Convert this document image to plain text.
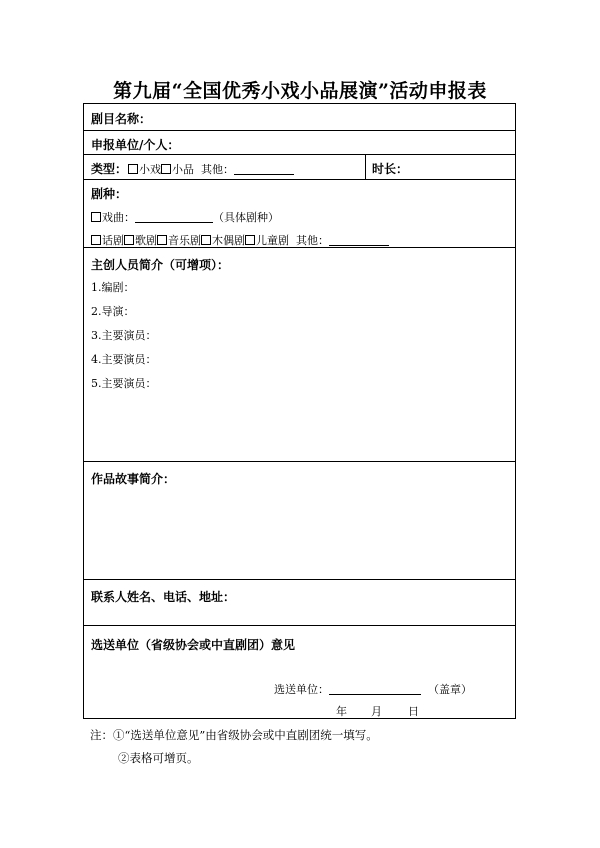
第九届“全国优秀小戏小品展演”活动申报表
剧目名称：
申报单位/个人：
类型：	小戏 小品 其他：	时长：
剧种：
戏曲：	（具体剧种）
话剧 歌剧 音乐剧 木偶剧 儿童剧 其他：
主创人员简介（可增项）：
1.编剧：
2.导演：
3.主要演员：
4.主要演员：
5.主要演员：
作品故事简介：
联系人姓名、电话、地址：
选送单位（省级协会或中直剧团）意见
选送单位：	（盖章）
年 月 日
注：①“选送单位意见”由省级协会或中直剧团统一填写。
②表格可增页。
